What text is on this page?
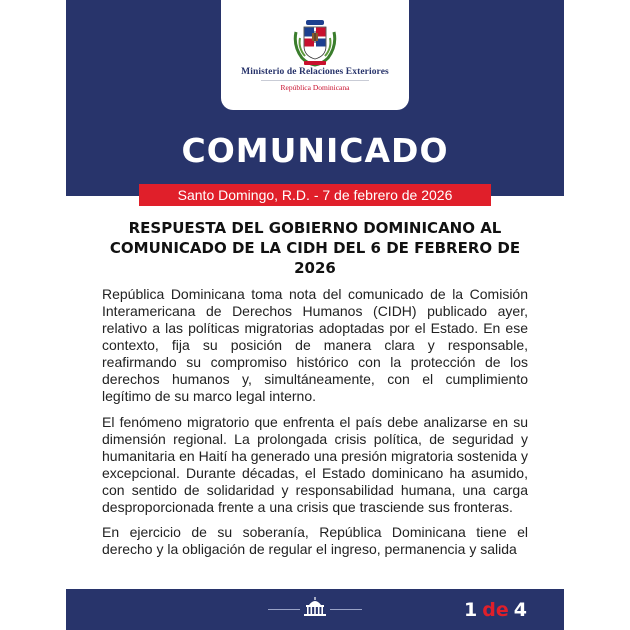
Ministerio de Relaciones Exteriores
República Dominicana
COMUNICADO
Santo Domingo, R.D. - 7 de febrero de 2026
RESPUESTA DEL GOBIERNO DOMINICANO AL COMUNICADO DE LA CIDH DEL 6 DE FEBRERO DE 2026

República Dominicana toma nota del comunicado de la Comisión Interamericana de Derechos Humanos (CIDH) publicado ayer, relativo a las políticas migratorias adoptadas por el Estado. En ese contexto, fija su posición de manera clara y responsable, reafirmando su compromiso histórico con la protección de los derechos humanos y, simultáneamente, con el cumplimiento legítimo de su marco legal interno.

El fenómeno migratorio que enfrenta el país debe analizarse en su dimensión regional. La prolongada crisis política, de seguridad y humanitaria en Haití ha generado una presión migratoria sostenida y excepcional. Durante décadas, el Estado dominicano ha asumido, con sentido de solidaridad y responsabilidad humana, una carga desproporcionada frente a una crisis que trasciende sus fronteras.

En ejercicio de su soberanía, República Dominicana tiene el derecho y la obligación de regular el ingreso, permanencia y salida

1 de 4
